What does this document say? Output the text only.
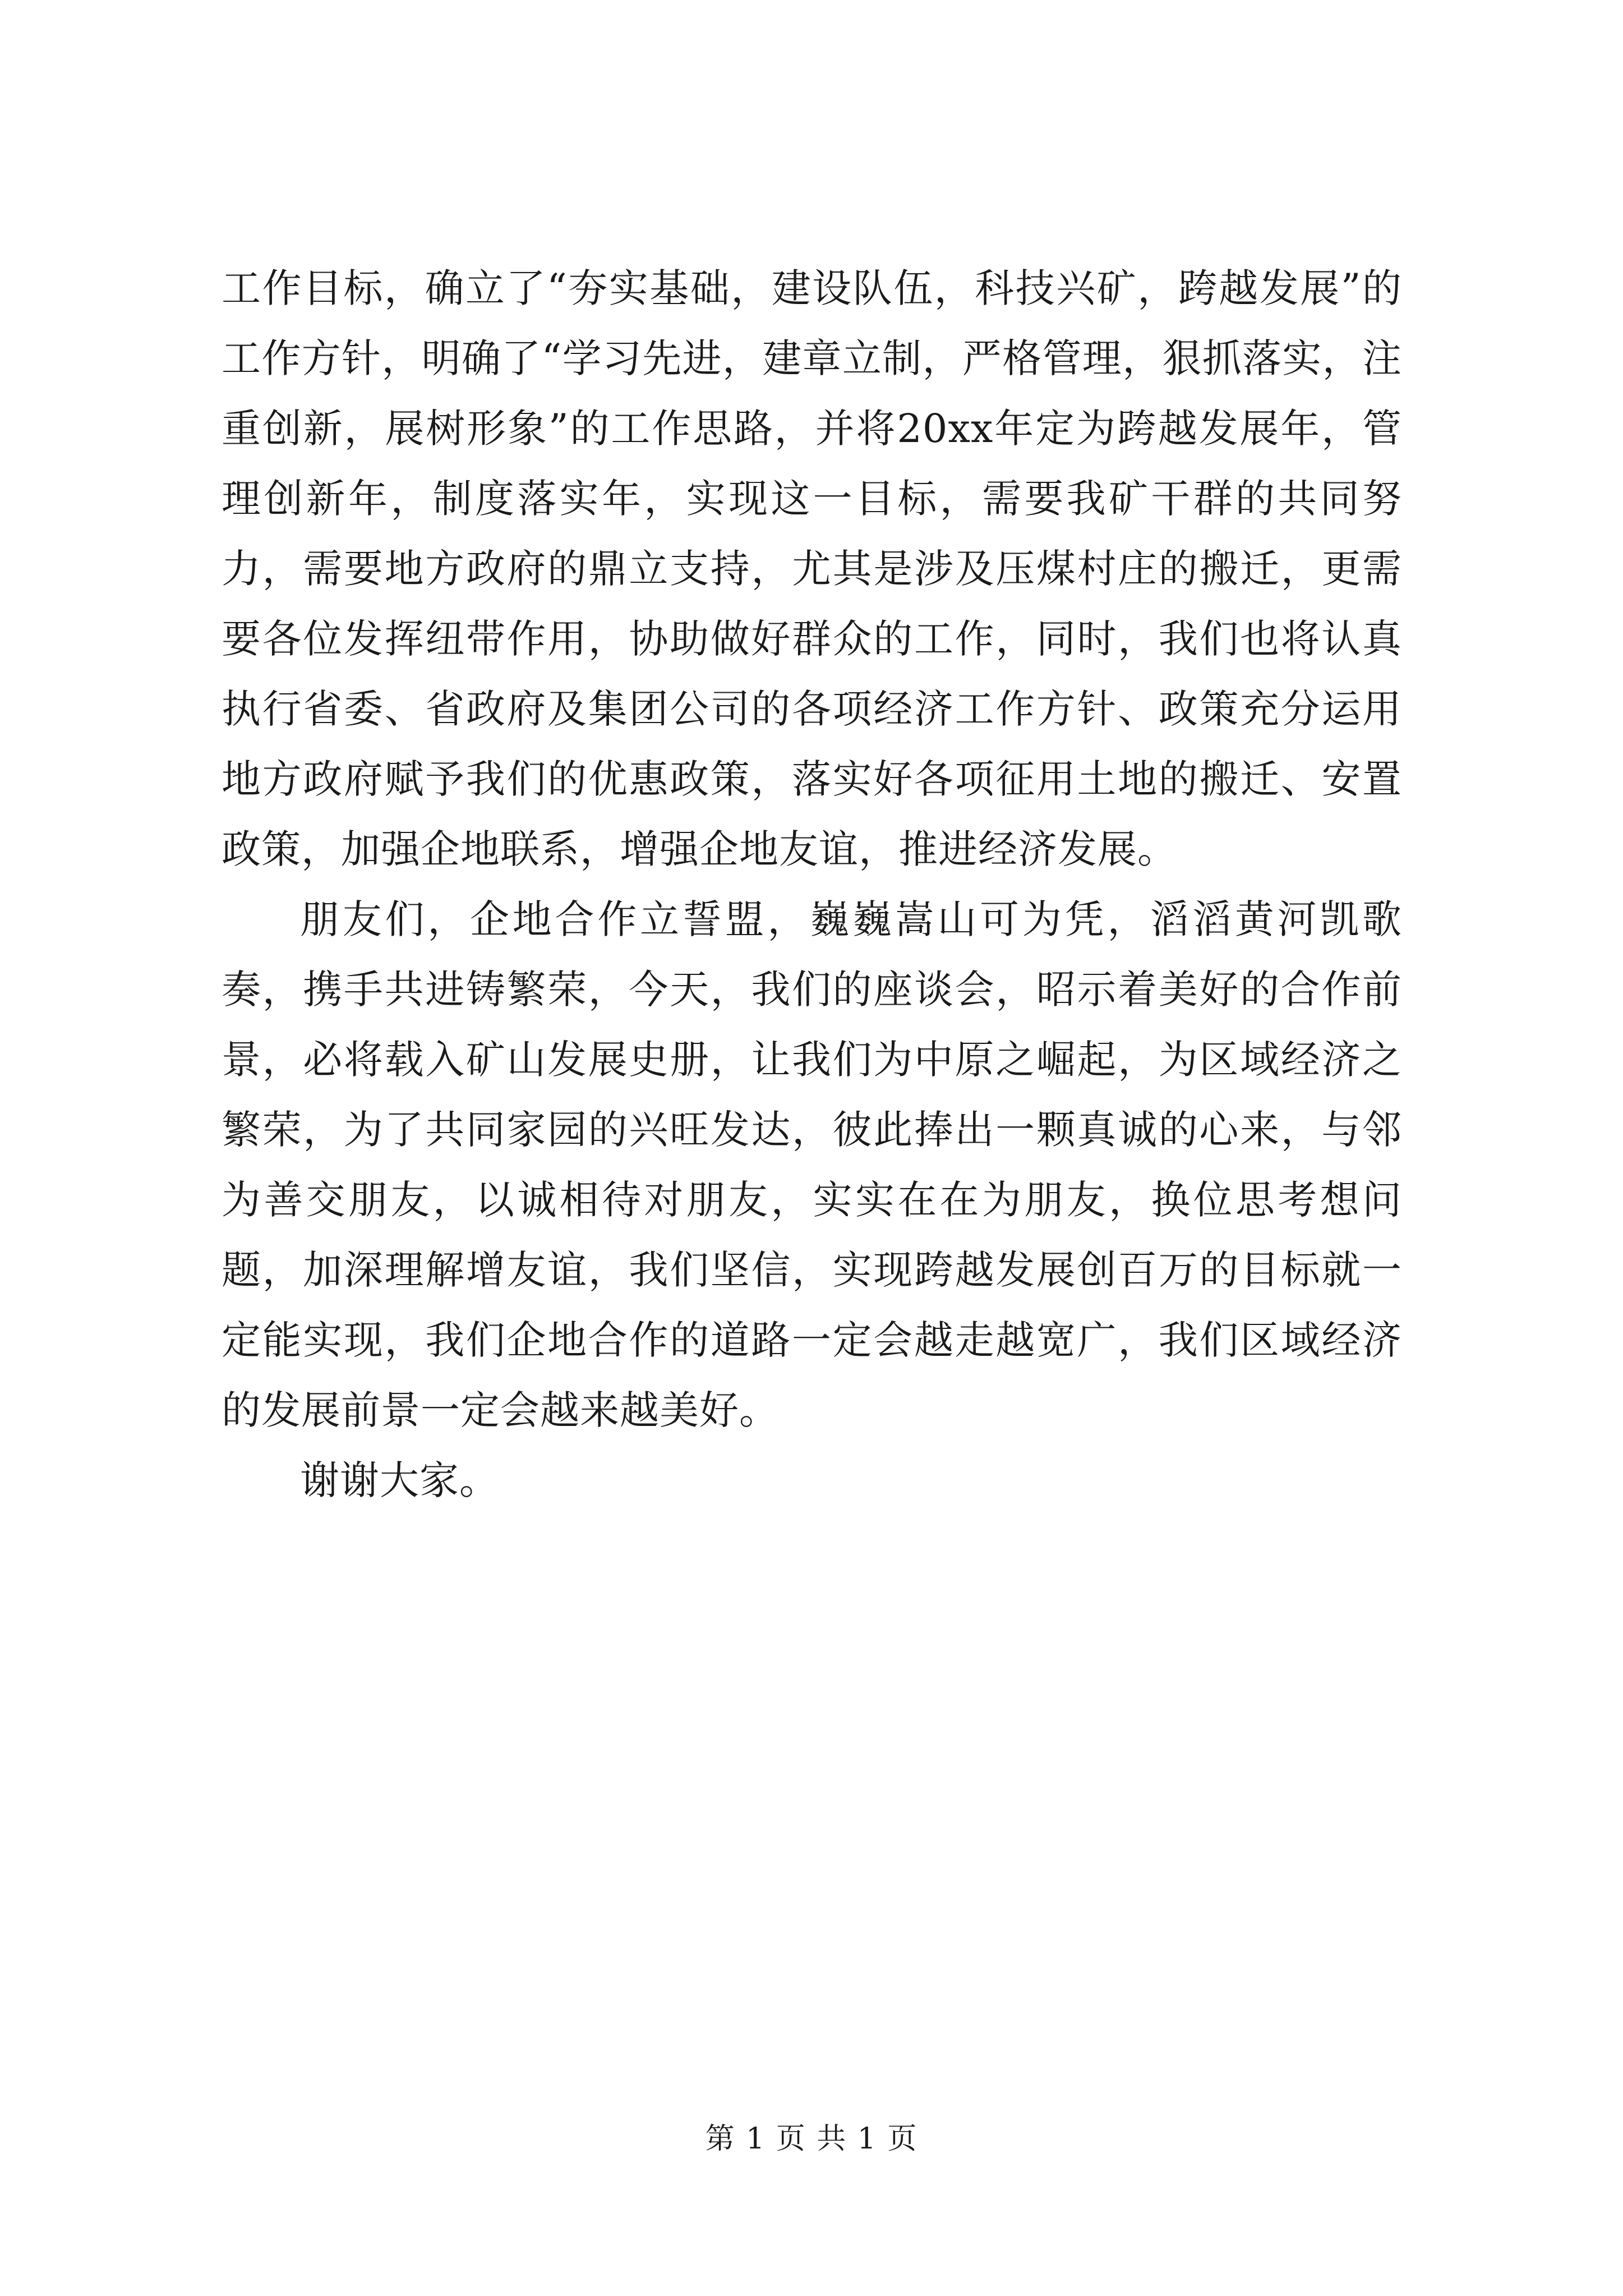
工作目标，确立了“夯实基础，建设队伍，科技兴矿，跨越发展”的工作方针，明确了“学习先进，建章立制，严格管理，狠抓落实，注重创新，展树形象”的工作思路，并将20xx年定为跨越发展年，管理创新年，制度落实年，实现这一目标，需要我矿干群的共同努力，需要地方政府的鼎立支持，尤其是涉及压煤村庄的搬迁，更需要各位发挥纽带作用，协助做好群众的工作，同时，我们也将认真执行省委、省政府及集团公司的各项经济工作方针、政策充分运用地方政府赋予我们的优惠政策，落实好各项征用土地的搬迁、安置政策，加强企地联系，增强企地友谊，推进经济发展。

朋友们，企地合作立誓盟，巍巍嵩山可为凭，滔滔黄河凯歌奏，携手共进铸繁荣，今天，我们的座谈会，昭示着美好的合作前景，必将载入矿山发展史册，让我们为中原之崛起，为区域经济之繁荣，为了共同家园的兴旺发达，彼此捧出一颗真诚的心来，与邻为善交朋友，以诚相待对朋友，实实在在为朋友，换位思考想问题，加深理解增友谊，我们坚信，实现跨越发展创百万的目标就一定能实现，我们企地合作的道路一定会越走越宽广，我们区域经济的发展前景一定会越来越美好。

谢谢大家。

第 1 页 共 1 页
